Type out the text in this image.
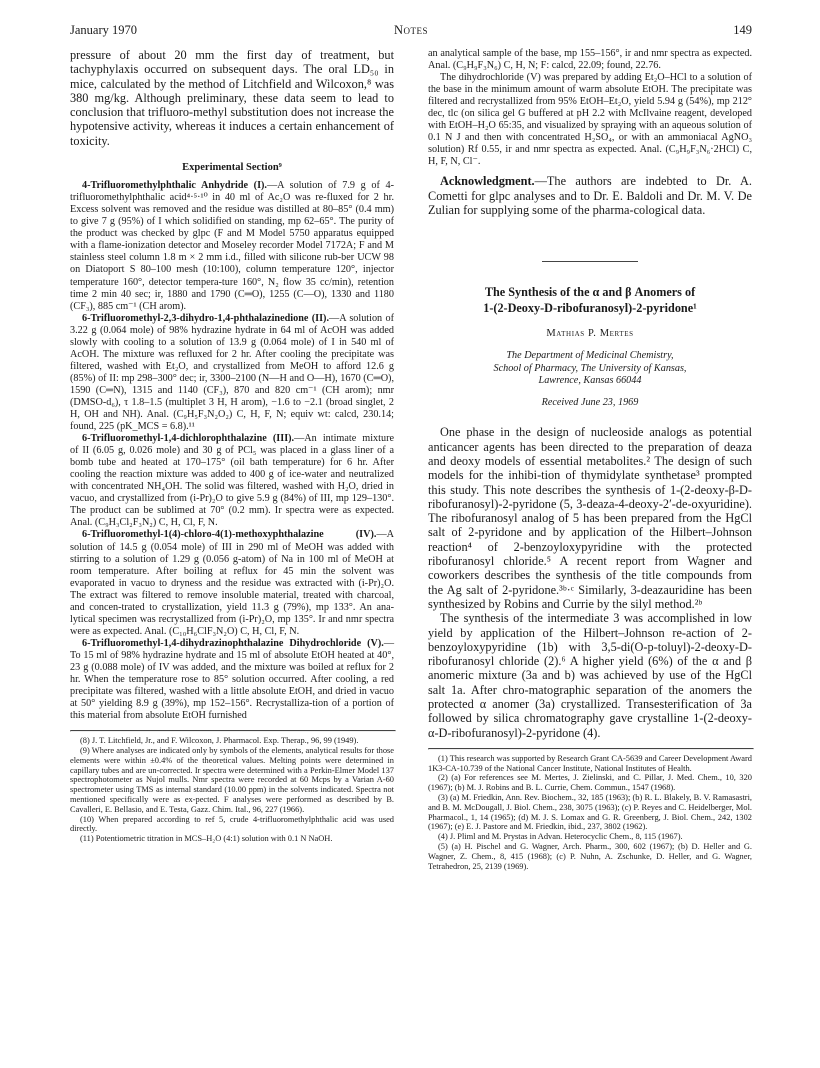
January 1970	Notes	149

pressure of about 20 mm the first day of treatment, but tachyphylaxis occurred on subsequent days. The oral LD₅₀ in mice, calculated by the method of Litchfield and Wilcoxon,⁸ was 380 mg/kg. Although preliminary, these data seem to lead to conclusion that trifluoro-methyl substitution does not increase the hypotensive activity, whereas it induces a certain enhancement of toxicity.

Experimental Section⁹

4-Trifluoromethylphthalic Anhydride (I).—A solution of 7.9 g of 4-trifluoromethylphthalic acid⁴·⁵·¹⁰ in 40 ml of Ac₂O was re-fluxed for 2 hr. Excess solvent was removed and the residue was distilled at 80–85° (0.4 mm) to give 7 g (95%) of I which solidified on standing, mp 62–65°. The purity of the product was checked by glpc (F and M Model 5750 apparatus equipped with a flame-ionization detector and Moseley recorder Model 7172A; F and M stainless steel column 1.8 m × 2 mm i.d., filled with silicone rub-ber UCW 98 on Diatoport S 80–100 mesh (10:100), column temperature 120°, injector temperature 160°, detector tempera-ture 160°, N₂ flow 35 cc/min), retention time 2 min 40 sec; ir, 1880 and 1790 (C═O), 1255 (C—O), 1330 and 1180 (CF₃), 885 cm⁻¹ (CH arom).

6-Trifluoromethyl-2,3-dihydro-1,4-phthalazinedione (II).—A solution of 3.22 g (0.064 mole) of 98% hydrazine hydrate in 64 ml of AcOH was added slowly with cooling to a solution of 13.9 g (0.064 mole) of I in 540 ml of AcOH. The mixture was refluxed for 2 hr. After cooling the precipitate was filtered, washed with Et₂O, and crystallized from MeOH to afford 12.6 g (85%) of II: mp 298–300° dec; ir, 3300–2100 (N—H and O—H), 1670 (C═O), 1590 (C═N), 1315 and 1140 (CF₃), 870 and 820 cm⁻¹ (CH arom); nmr (DMSO-d₆), τ 1.8–1.5 (multiplet 3 H, H arom), −1.6 to −2.1 (broad singlet, 2 H, OH and NH). Anal. (C₉H₅F₃N₂O₂) C, H, F, N; equiv wt: calcd, 230.14; found, 225 (pK_MCS = 6.8).¹¹

6-Trifluoromethyl-1,4-dichlorophthalazine (III).—An intimate mixture of II (6.05 g, 0.026 mole) and 30 g of PCl₅ was placed in a glass liner of a bomb tube and heated at 170–175° (oil bath temperature) for 6 hr. After cooling the reaction mixture was added to 400 g of ice-water and neutralized with concentrated NH₄OH. The solid was filtered, washed with H₂O, dried in vacuo, and crystallized from (i-Pr)₂O to give 5.9 g (84%) of III, mp 129–130°. The product can be sublimed at 70° (0.2 mm). Ir spectra were as expected. Anal. (C₉H₃Cl₂F₃N₂) C, H, Cl, F, N.

6-Trifluoromethyl-1(4)-chloro-4(1)-methoxyphthalazine (IV).—A solution of 14.5 g (0.054 mole) of III in 290 ml of MeOH was added with stirring to a solution of 1.29 g (0.056 g-atom) of Na in 100 ml of MeOH at room temperature. After boiling at reflux for 45 min the solvent was evaporated in vacuo to dryness and the residue was extracted with (i-Pr)₂O. The extract was filtered to remove insoluble material, treated with charcoal, and concen-trated to crystallization, yield 11.3 g (79%), mp 133°. An ana-lytical specimen was recrystallized from (i-Pr)₂O, mp 135°. Ir and nmr spectra were as expected. Anal. (C₁₀H₆ClF₃N₂O) C, H, Cl, F, N.

6-Trifluoromethyl-1,4-dihydrazinophthalazine Dihydrochloride (V).—To 15 ml of 98% hydrazine hydrate and 15 ml of absolute EtOH heated at 40°, 23 g (0.088 mole) of IV was added, and the mixture was boiled at reflux for 2 hr. When the temperature rose to 85° solution occurred. After cooling, a red precipitate was filtered, washed with a little absolute EtOH, and dried in vacuo at 50° yielding 8.9 g (39%), mp 152–156°. Recrystalliza-tion of a portion of this material from absolute EtOH furnished

(8) J. T. Litchfield, Jr., and F. Wilcoxon, J. Pharmacol. Exp. Therap., 96, 99 (1949).

(9) Where analyses are indicated only by symbols of the elements, analytical results for those elements were within ±0.4% of the theoretical values. Melting points were determined in capillary tubes and are un-corrected. Ir spectra were determined with a Perkin-Elmer Model 137 spectrophotometer as Nujol mulls. Nmr spectra were recorded at 60 Mcps by a Varian A-60 spectrometer using TMS as internal standard (10.00 ppm) in the solvents indicated. Spectra not mentioned specifically were as ex-pected. F analyses were performed as described by B. Cavalleri, E. Bellasio, and E. Testa, Gazz. Chim. Ital., 96, 227 (1966).

(10) When prepared according to ref 5, crude 4-trifluoromethylphthalic acid was used directly.

(11) Potentiometric titration in MCS–H₂O (4:1) solution with 0.1 N NaOH.

an analytical sample of the base, mp 155–156°, ir and nmr spectra as expected. Anal. (C₉H₉F₃N₆) C, H, N; F: calcd, 22.09; found, 22.76.

The dihydrochloride (V) was prepared by adding Et₂O–HCl to a solution of the base in the minimum amount of warm absolute EtOH. The precipitate was filtered and recrystallized from 95% EtOH–Et₂O, yield 5.94 g (54%), mp 212° dec, tlc (on silica gel G buffered at pH 2.2 with McIlvaine reagent, developed with EtOH–H₂O 65:35, and visualized by spraying with an aqueous solution of 0.1 N J and then with concentrated H₂SO₄, or with an ammoniacal AgNO₃ solution) Rf 0.55, ir and nmr spectra as expected. Anal. (C₉H₉F₃N₆·2HCl) C, H, F, N, Cl⁻.

Acknowledgment.—The authors are indebted to Dr. A. Cometti for glpc analyses and to Dr. E. Baldoli and Dr. M. V. De Zulian for supplying some of the pharma-cological data.

The Synthesis of the α and β Anomers of

1-(2-Deoxy-D-ribofuranosyl)-2-pyridone¹

Mathias P. Mertes

The Department of Medicinal Chemistry,

School of Pharmacy, The University of Kansas,

Lawrence, Kansas 66044

Received June 23, 1969

One phase in the design of nucleoside analogs as potential anticancer agents has been directed to the preparation of deaza and deoxy models of essential metabolites.² The design of such models for the inhibi-tion of thymidylate synthetase³ prompted this study. This note describes the synthesis of 1-(2-deoxy-β-D-ribofuranosyl)-2-pyridone (5, 3-deaza-4-deoxy-2′-de-oxyuridine). The ribofuranosyl analog of 5 has been prepared from the HgCl salt of 2-pyridone and by application of the Hilbert–Johnson reaction⁴ of 2-benzoyloxypyridine with the protected ribofuranosyl chloride.⁵ A recent report from Wagner and coworkers describes the synthesis of the title compounds from the Ag salt of 2-pyridone.³ᵇ·ᶜ Similarly, 3-deazauridine has been synthesized by Robins and Currie by the silyl method.²ᵇ

The synthesis of the intermediate 3 was accomplished in low yield by application of the Hilbert–Johnson re-action of 2-benzoyloxypyridine (1b) with 3,5-di(O-p-toluyl)-2-deoxy-D-ribofuranosyl chloride (2).⁶ A higher yield (6%) of the α and β anomeric mixture (3a and b) was achieved by use of the HgCl salt 1a. After chro-matographic separation of the anomers the protected α anomer (3a) crystallized. Transesterification of 3a followed by silica chromatography gave crystalline 1-(2-deoxy-α-D-ribofuranosyl)-2-pyridone (4).

(1) This research was supported by Research Grant CA-5639 and Career Development Award 1K3-CA-10.739 of the National Cancer Institute, National Institutes of Health.

(2) (a) For references see M. Mertes, J. Zielinski, and C. Pillar, J. Med. Chem., 10, 320 (1967); (b) M. J. Robins and B. L. Currie, Chem. Commun., 1547 (1968).

(3) (a) M. Friedkin, Ann. Rev. Biochem., 32, 185 (1963); (b) R. L. Blakely, B. V. Ramasastri, and B. M. McDougall, J. Biol. Chem., 238, 3075 (1963); (c) P. Reyes and C. Heidelberger, Mol. Pharmacol., 1, 14 (1965); (d) M. J. S. Lomax and G. R. Greenberg, J. Biol. Chem., 242, 1302 (1967); (e) E. J. Pastore and M. Friedkin, ibid., 237, 3802 (1962).

(4) J. Pliml and M. Prystas in Advan. Heterocyclic Chem., 8, 115 (1967).

(5) (a) H. Pischel and G. Wagner, Arch. Pharm., 300, 602 (1967); (b) D. Heller and G. Wagner, Z. Chem., 8, 415 (1968); (c) P. Nuhn, A. Zschunke, D. Heller, and G. Wagner, Tetrahedron, 25, 2139 (1969).
